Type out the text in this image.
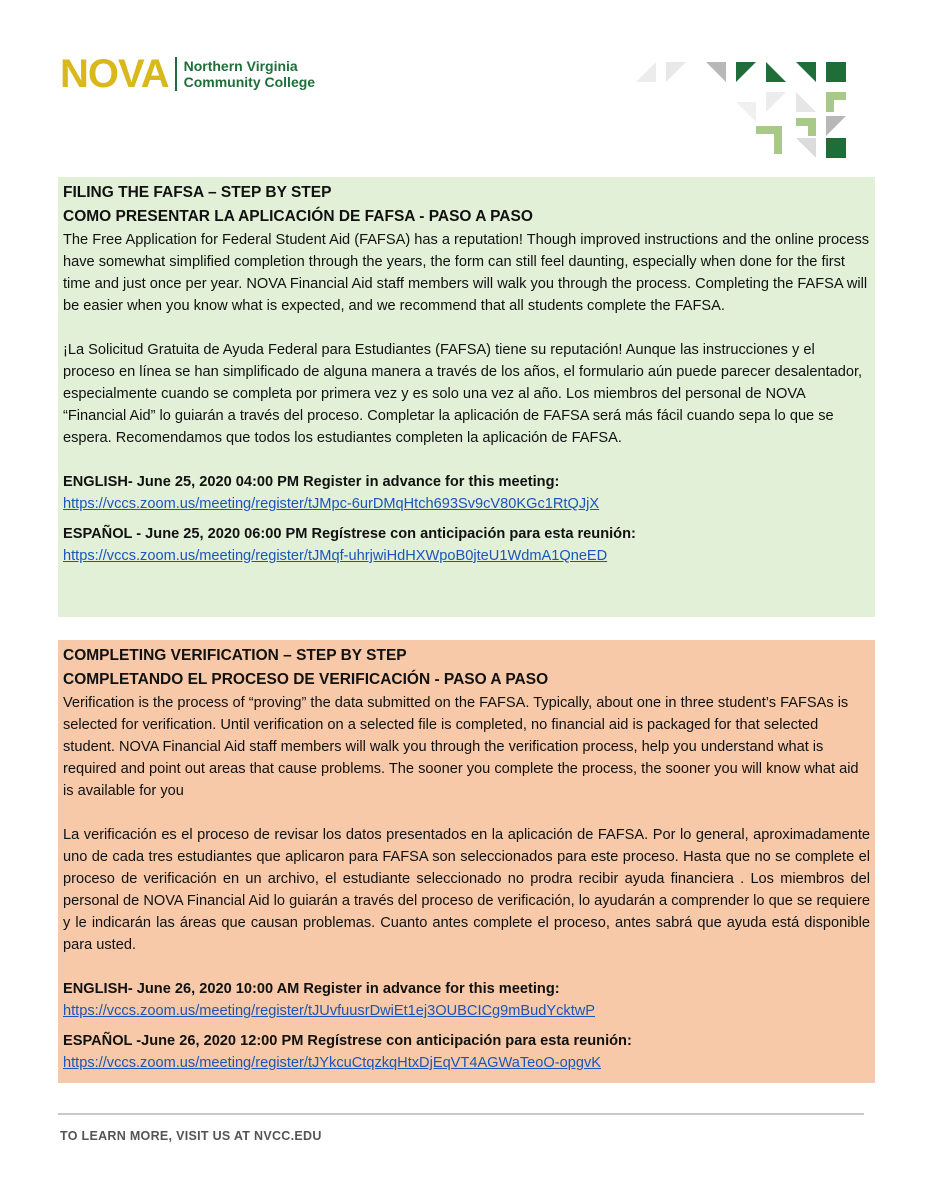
NOVA Northern Virginia
Community College
FILING THE FAFSA – STEP BY STEP
COMO PRESENTAR LA APLICACIÓN DE FAFSA - PASO A PASO

The Free Application for Federal Student Aid (FAFSA) has a reputation! Though improved instructions and the online process have somewhat simplified completion through the years, the form can still feel daunting, especially when done for the first time and just once per year. NOVA Financial Aid staff members will walk you through the process. Completing the FAFSA will be easier when you know what is expected, and we recommend that all students complete the FAFSA.

¡La Solicitud Gratuita de Ayuda Federal para Estudiantes (FAFSA) tiene su reputación! Aunque las instrucciones y el proceso en línea se han simplificado de alguna manera a través de los años, el formulario aún puede parecer desalentador, especialmente cuando se completa por primera vez y es solo una vez al año. Los miembros del personal de NOVA “Financial Aid” lo guiarán a través del proceso. Completar la aplicación de FAFSA será más fácil cuando sepa lo que se espera. Recomendamos que todos los estudiantes completen la aplicación de FAFSA.

ENGLISH- June 25, 2020 04:00 PM Register in advance for this meeting:

https://vccs.zoom.us/meeting/register/tJMpc-6urDMqHtch693Sv9cV80KGc1RtQJjX

ESPAÑOL - June 25, 2020 06:00 PM Regístrese con anticipación para esta reunión:

https://vccs.zoom.us/meeting/register/tJMqf-uhrjwiHdHXWpoB0jteU1WdmA1QneED
COMPLETING VERIFICATION – STEP BY STEP
COMPLETANDO EL PROCESO DE VERIFICACIÓN - PASO A PASO

Verification is the process of “proving” the data submitted on the FAFSA. Typically, about one in three student’s FAFSAs is selected for verification. Until verification on a selected file is completed, no financial aid is packaged for that selected student. NOVA Financial Aid staff members will walk you through the verification process, help you understand what is required and point out areas that cause problems. The sooner you complete the process, the sooner you will know what aid is available for you

La verificación es el proceso de revisar los datos presentados en la aplicación de FAFSA. Por lo general, aproximadamente uno de cada tres estudiantes que aplicaron para FAFSA son seleccionados para este proceso. Hasta que no se complete el proceso de verificación en un archivo, el estudiante seleccionado no prodra recibir ayuda financiera . Los miembros del personal de NOVA Financial Aid lo guiarán a través del proceso de verificación, lo ayudarán a comprender lo que se requiere y le indicarán las áreas que causan problemas. Cuanto antes complete el proceso, antes sabrá que ayuda está disponible para usted.

ENGLISH- June 26, 2020 10:00 AM Register in advance for this meeting:

https://vccs.zoom.us/meeting/register/tJUvfuusrDwiEt1ej3OUBCICg9mBudYcktwP

ESPAÑOL -June 26, 2020 12:00 PM Regístrese con anticipación para esta reunión:

https://vccs.zoom.us/meeting/register/tJYkcuCtqzkqHtxDjEqVT4AGWaTeoO-opgvK
TO LEARN MORE, VISIT US AT NVCC.EDU
